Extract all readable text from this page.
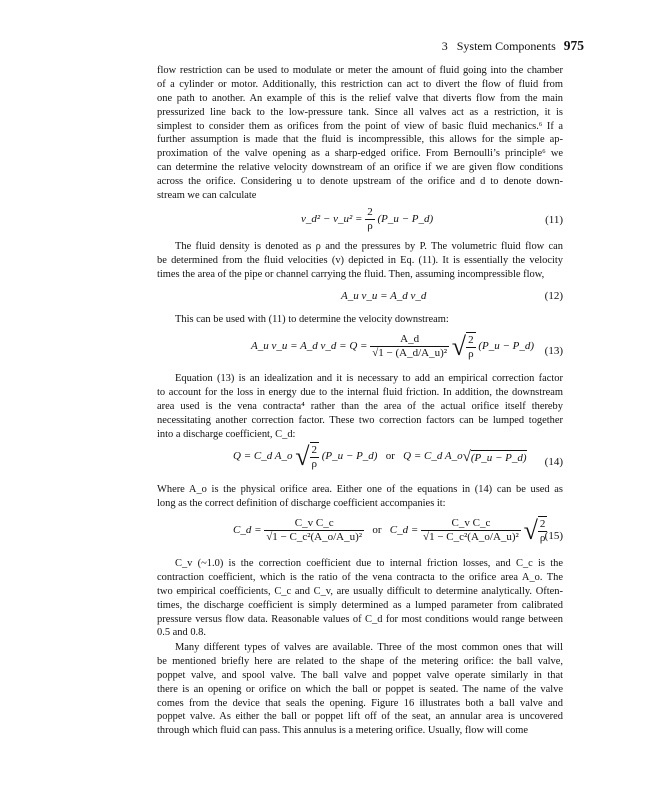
3   System Components 975
flow restriction can be used to modulate or meter the amount of fluid going into the chamber
of a cylinder or motor. Additionally, this restriction can act to divert the flow of fluid from
one path to another. An example of this is the relief valve that diverts flow from the main
pressurized line back to the low-pressure tank. Since all valves act as a restriction, it is
simplest to consider them as orifices from the point of view of basic fluid mechanics.⁶ If a
further assumption is made that the fluid is incompressible, this allows for the simple ap-
proximation of the valve opening as a sharp-edged orifice. From Bernoulli’s principle⁶ we
can determine the relative velocity downstream of an orifice if we are given flow conditions
across the orifice. Considering u to denote upstream of the orifice and d to denote down-
stream we can calculate
v_d² − v_u² = $\frac{2}{\rho}$ (P_u − P_d)	(11)
The fluid density is denoted as ρ and the pressures by P. The volumetric fluid flow can
be determined from the fluid velocities (v) depicted in Eq. (11). It is essentially the velocity
times the area of the pipe or channel carrying the fluid. Then, assuming incompressible flow,
A_u v_u = A_d v_d	(12)

This can be used with (11) to determine the velocity downstream:

A_u v_u = A_d v_d = $Q = \frac{A\_d}{\text{√1 − (A\_d/A\_u)²}}$ √ $\frac{2}{\rho}$ (P_u − P_d) (13)
Equation (13) is an idealization and it is necessary to add an empirical correction factor
to account for the loss in energy due to the internal fluid friction. In addition, the downstream
area used is the vena contracta⁴ rather than the area of the actual orifice itself thereby
necessitating another correction factor. These two correction factors can be lumped together
into a discharge coefficient, C_d:
Q = C_d A_o √ $\frac{2}{\rho}$ (P_u − P_d) or Q = C_d A_o√(P_u − P_d) (14)
Where A_o is the physical orifice area. Either one of the equations in (14) can be used as
long as the correct definition of discharge coefficient accompanies it:
C_d = $\frac{\text{C\_v C\_c}}{\text{√1 − C\_c²(A\_o/A\_u)²}}$ or C_d = $\frac{\text{C\_v C\_c}}{\text{√1 − C\_c²(A\_o/A\_u)²}}$ √ $\frac{2}{\rho}$
(15)
C_v (~1.0) is the correction coefficient due to internal friction losses, and C_c is the
contraction coefficient, which is the ratio of the vena contracta to the orifice area A_o. The
two empirical coefficients, C_c and C_v, are usually difficult to determine analytically. Often-
times, the discharge coefficient is simply determined as a lumped parameter from calibrated
pressure versus flow data. Reasonable values of C_d for most conditions would range between
0.5 and 0.8.
Many different types of valves are available. Three of the most common ones that will
be mentioned briefly here are related to the shape of the metering orifice: the ball valve,
poppet valve, and spool valve. The ball valve and poppet valve operate similarly in that
there is an opening or orifice on which the ball or poppet is seated. The name of the valve
comes from the device that seals the opening. Figure 16 illustrates both a ball valve and
poppet valve. As either the ball or poppet lift off of the seat, an annular area is uncovered
through which fluid can pass. This annulus is a metering orifice. Usually, flow will come
